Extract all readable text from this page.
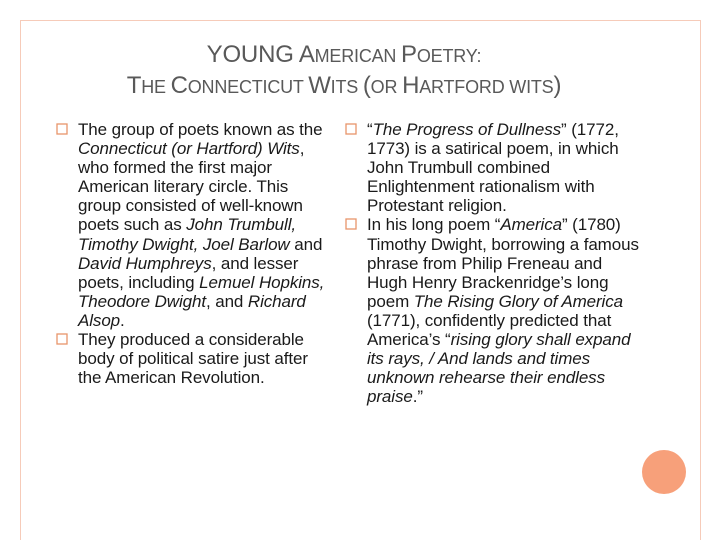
YOUNG AMERICAN POETRY:
THE CONNECTICUT WITS (OR HARTFORD WITS)
The group of poets known as the Connecticut (or Hartford) Wits, who formed the first major American literary circle. This group consisted of well-known poets such as John Trumbull, Timothy Dwight, Joel Barlow and David Humphreys, and lesser poets, including Lemuel Hopkins, Theodore Dwight, and Richard Alsop.
They produced a considerable body of political satire just after the American Revolution.
“The Progress of Dullness” (1772, 1773) is a satirical poem, in which John Trumbull combined Enlightenment rationalism with Protestant religion.
In his long poem “America” (1780) Timothy Dwight, borrowing a famous phrase from Philip Freneau and Hugh Henry Brackenridge’s long poem The Rising Glory of America (1771), confidently predicted that America’s “rising glory shall expand its rays, / And lands and times unknown rehearse their endless praise.”
